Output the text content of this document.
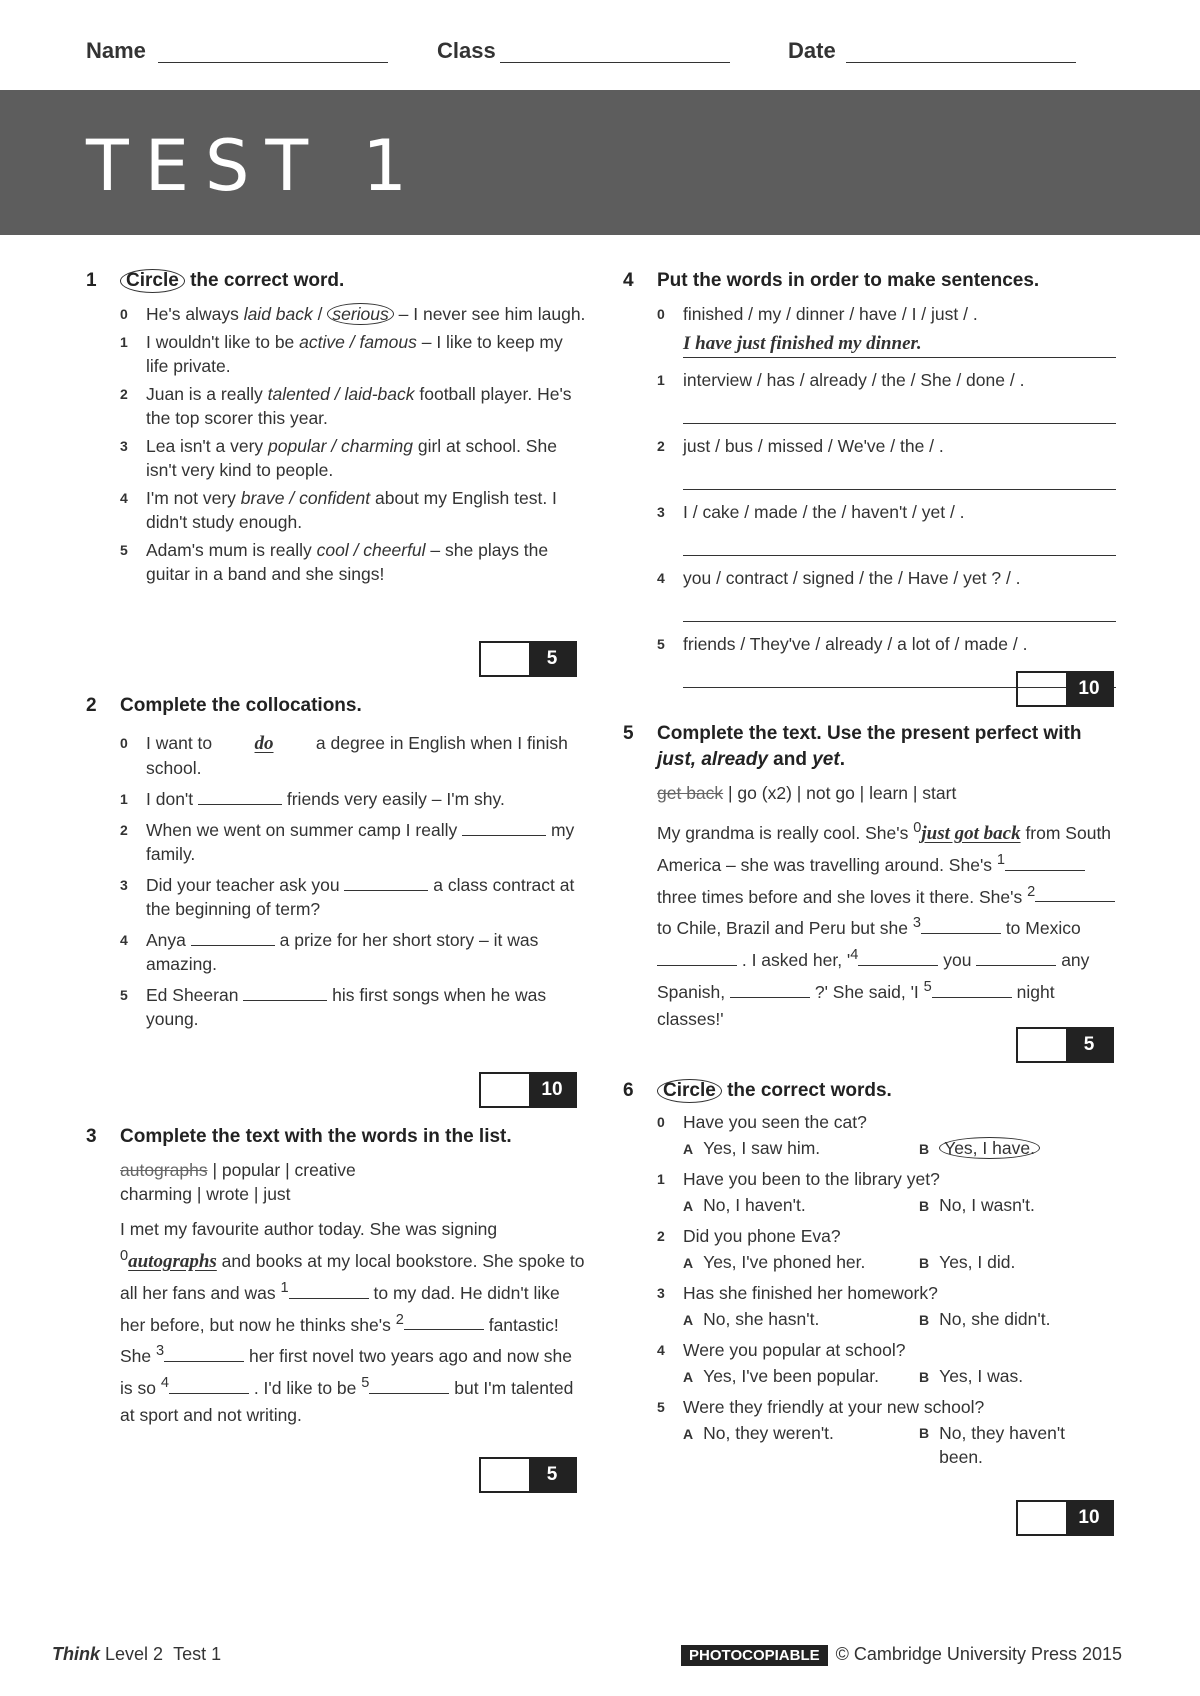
Name	Class	Date
TEST 1
1 Circle the correct word.
0 He's always laid back / serious – I never see him laugh.
1 I wouldn't like to be active / famous – I like to keep my life private.
2 Juan is a really talented / laid-back football player. He's the top scorer this year.
3 Lea isn't a very popular / charming girl at school. She isn't very kind to people.
4 I'm not very brave / confident about my English test. I didn't study enough.
5 Adam's mum is really cool / cheerful – she plays the guitar in a band and she sings!
5
2 Complete the collocations.
0 I want to do a degree in English when I finish school.
1 I don't	friends very easily – I'm shy.
2 When we went on summer camp I really	my family.
3 Did your teacher ask you	a class contract at the beginning of term?
4 Anya	a prize for her short story – it was amazing.
5 Ed Sheeran	his first songs when he was young.
10
3 Complete the text with the words in the list.
autographs | popular | creative
charming | wrote | just
I met my favourite author today. She was signing $^0$autographs and books at my local bookstore. She spoke to all her fans and was $^1$	to my dad. He didn't like her before, but now he thinks she's $^2$	fantastic! She $^3$	her first novel two years ago and now she is so $^4$	. I'd like to be $^5$	but I'm talented at sport and not writing.
5
4 Put the words in order to make sentences.
0 finished / my / dinner / have / I / just / .
I have just finished my dinner.
1 interview / has / already / the / She / done / .
2 just / bus / missed / We've / the / .
3 I / cake / made / the / haven't / yet / .
4 you / contract / signed / the / Have / yet ? / .
5 friends / They've / already / a lot of / made / .
10
5 Complete the text. Use the present perfect with just, already and yet.
get back | go (x2) | not go | learn | start
My grandma is really cool. She's $^0$just got back from South America – she was travelling around. She's $^1$ three times before and she loves it there. She's $^2$ to Chile, Brazil and Peru but she $^3$	to Mexico  . I asked her, '$^4$	you	any Spanish,	?' She said, 'I $^5$	night classes!'
5
6 Circle the correct words.
0 Have you seen the cat?
A Yes, I saw him.	B Yes, I have.
1 Have you been to the library yet?
A No, I haven't.	B No, I wasn't.
2 Did you phone Eva?
A Yes, I've phoned her.	B Yes, I did.
3 Has she finished her homework?
A No, she hasn't.	B No, she didn't.
4 Were you popular at school?
A Yes, I've been popular.	B Yes, I was.
5 Were they friendly at your new school?
A No, they weren't.	B No, they haven't been.
10
Think Level 2 Test 1	PHOTOCOPIABLE © Cambridge University Press 2015
